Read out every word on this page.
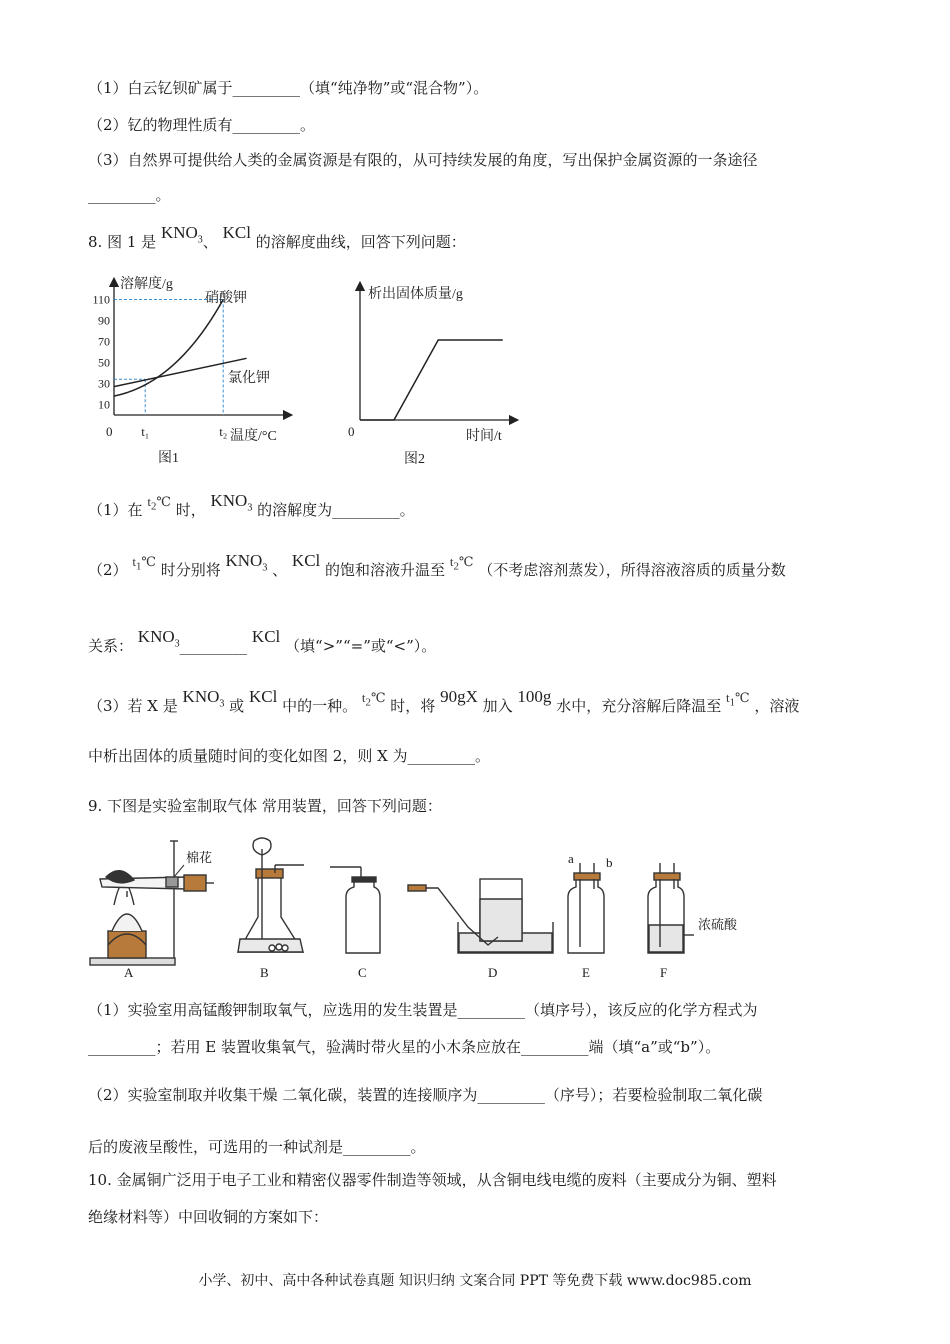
（1）白云钇钡矿属于_________（填“纯净物”或“混合物”）。
（2）钇的物理性质有_________。
（3）自然界可提供给人类的金属资源是有限的，从可持续发展的角度，写出保护金属资源的一条途径
_________。
8. 图 1 是 $KNO_3$、 KCl 的溶解度曲线，回答下列问题：
溶解度/g
温度/°C
0
110
90
70
50
30
10
硝酸钾
氯化钾
t₁	t₂
图1
析出固体质量/g
时间/t
0
图2
（1）在 $t_2℃$ 时， $KNO_3$ 的溶解度为_________。
（2） $t_1℃$ 时分别将 $KNO_3$ 、 KCl 的饱和溶液升温至 $t_2℃$ （不考虑溶剂蒸发），所得溶液溶质的质量分数
关系： $KNO_3\_\_\_\_\_\_\_\_\_$ KCl （填“>”“=”或“<”）。
（3）若 X 是 $KNO_3$ 或 KCl 中的一种。 $t_2℃$ 时，将 90gX 加入 100g 水中，充分溶解后降温至 $t_1℃$ ，溶液
中析出固体的质量随时间的变化如图 2，则 X 为_________。
9. 下图是实验室制取气体 常用装置，回答下列问题：
棉花
浓硫酸
a b
A	B	C	D	E	F
（1）实验室用高锰酸钾制取氧气，应选用的发生装置是_________（填序号），该反应的化学方程式为
_________；若用 E 装置收集氧气，验满时带火星的小木条应放在_________端（填“a”或“b”）。
（2）实验室制取并收集干燥 二氧化碳，装置的连接顺序为_________（序号）；若要检验制取二氧化碳
后的废液呈酸性，可选用的一种试剂是_________。
10. 金属铜广泛用于电子工业和精密仪器零件制造等领域，从含铜电线电缆的废料（主要成分为铜、塑料
绝缘材料等）中回收铜的方案如下：
小学、初中、高中各种试卷真题 知识归纳 文案合同 PPT 等免费下载 www.doc985.com
